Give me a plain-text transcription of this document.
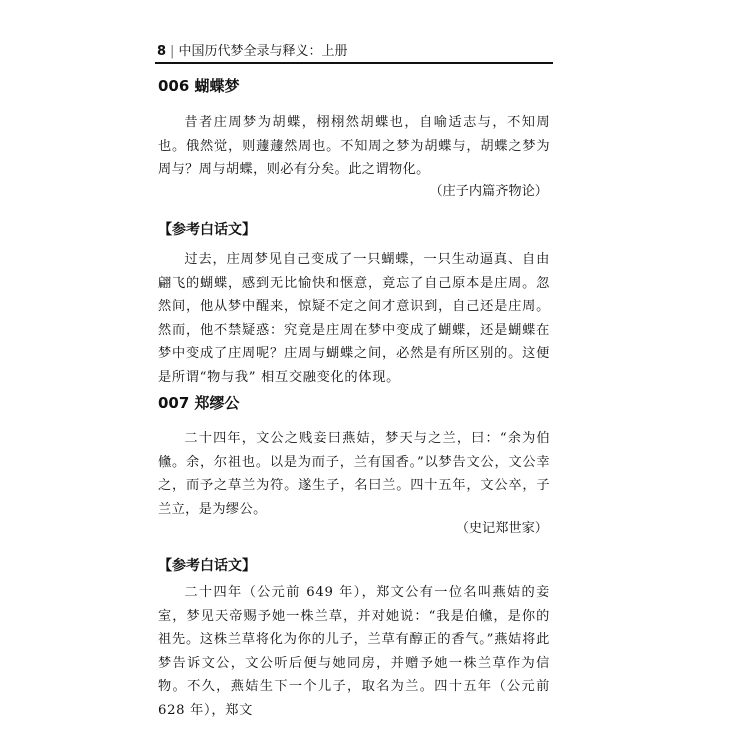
8 | 中国历代梦全录与释义：上册
006 蝴蝶梦

昔者庄周梦为胡蝶，栩栩然胡蝶也，自喻适志与，不知周也。俄然觉，则蘧蘧然周也。不知周之梦为胡蝶与，胡蝶之梦为周与？周与胡蝶，则必有分矣。此之谓物化。

（庄子内篇齐物论）

【参考白话文】

过去，庄周梦见自己变成了一只蝴蝶，一只生动逼真、自由翩飞的蝴蝶，感到无比愉快和惬意，竟忘了自己原本是庄周。忽然间，他从梦中醒来，惊疑不定之间才意识到，自己还是庄周。然而，他不禁疑惑：究竟是庄周在梦中变成了蝴蝶，还是蝴蝶在梦中变成了庄周呢？庄周与蝴蝶之间，必然是有所区别的。这便是所谓“物与我” 相互交融变化的体现。

007 郑缪公

二十四年，文公之贱妾曰燕姞，梦天与之兰，曰：“余为伯儵。余，尔祖也。以是为而子，兰有国香。”以梦告文公，文公幸之，而予之草兰为符。遂生子，名曰兰。四十五年，文公卒，子兰立，是为缪公。

（史记郑世家）

【参考白话文】

二十四年（公元前 649 年），郑文公有一位名叫燕姞的妾室，梦见天帝赐予她一株兰草，并对她说：“我是伯儵，是你的祖先。这株兰草将化为你的儿子，兰草有醇正的香气。”燕姞将此梦告诉文公，文公听后便与她同房，并赠予她一株兰草作为信物。不久，燕姞生下一个儿子，取名为兰。四十五年（公元前 628 年），郑文
